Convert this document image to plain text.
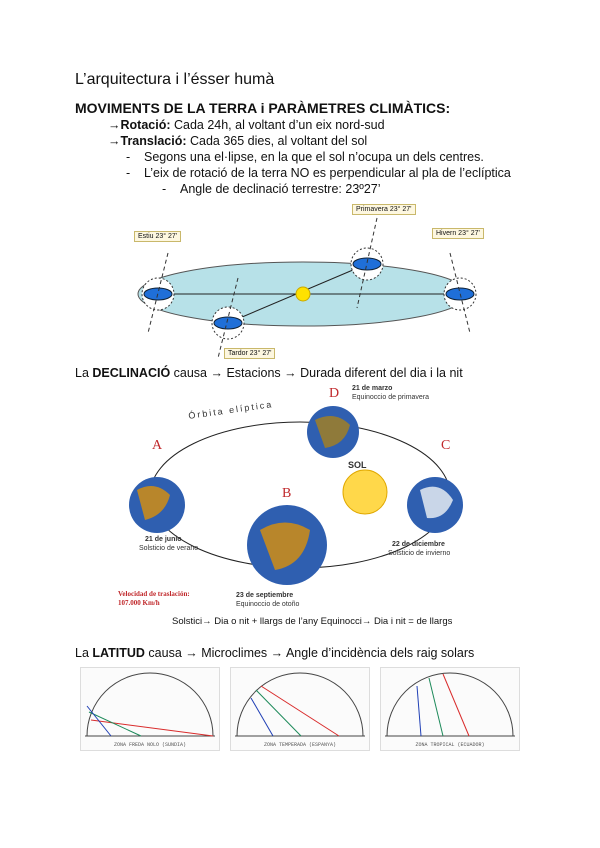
L’arquitectura i l’ésser humà
MOVIMENTS DE LA TERRA i PARÀMETRES CLIMÀTICS:
→Rotació: Cada 24h, al voltant d’un eix nord-sud
→Translació: Cada 365 dies, al voltant del sol
- Segons una el·lipse, en la que el sol n’ocupa un dels centres.
- L’eix de rotació de la terra NO es perpendicular al pla de l’eclíptica
- Angle de declinació terrestre: 23º27’
Primavera 23° 27'
Estiu 23° 27'	Hivern 23° 27'
Tardor 23° 27'
La DECLINACIÓ causa → Estacions → Durada diferent del dia i la nit
SOL
Órbita elíptica
A
B
C
D
21 de junio
Solsticio de verano
23 de septiembre
Equinoccio de otoño
22 de diciembre
Solsticio de invierno
21 de marzo
Equinoccio de primavera
Velocidad de traslación:
107.000 Km/h
Solstici→ Dia o nit + llargs de l’any Equinocci→ Dia i nit = de llargs
La LATITUD causa → Microclimes → Angle d’incidència dels raig solars
ZONA FREDA NOLO (SUNDIA)	ZONA TEMPERADA (ESPANYA)	ZONA TROPICAL (ECUADOR)
